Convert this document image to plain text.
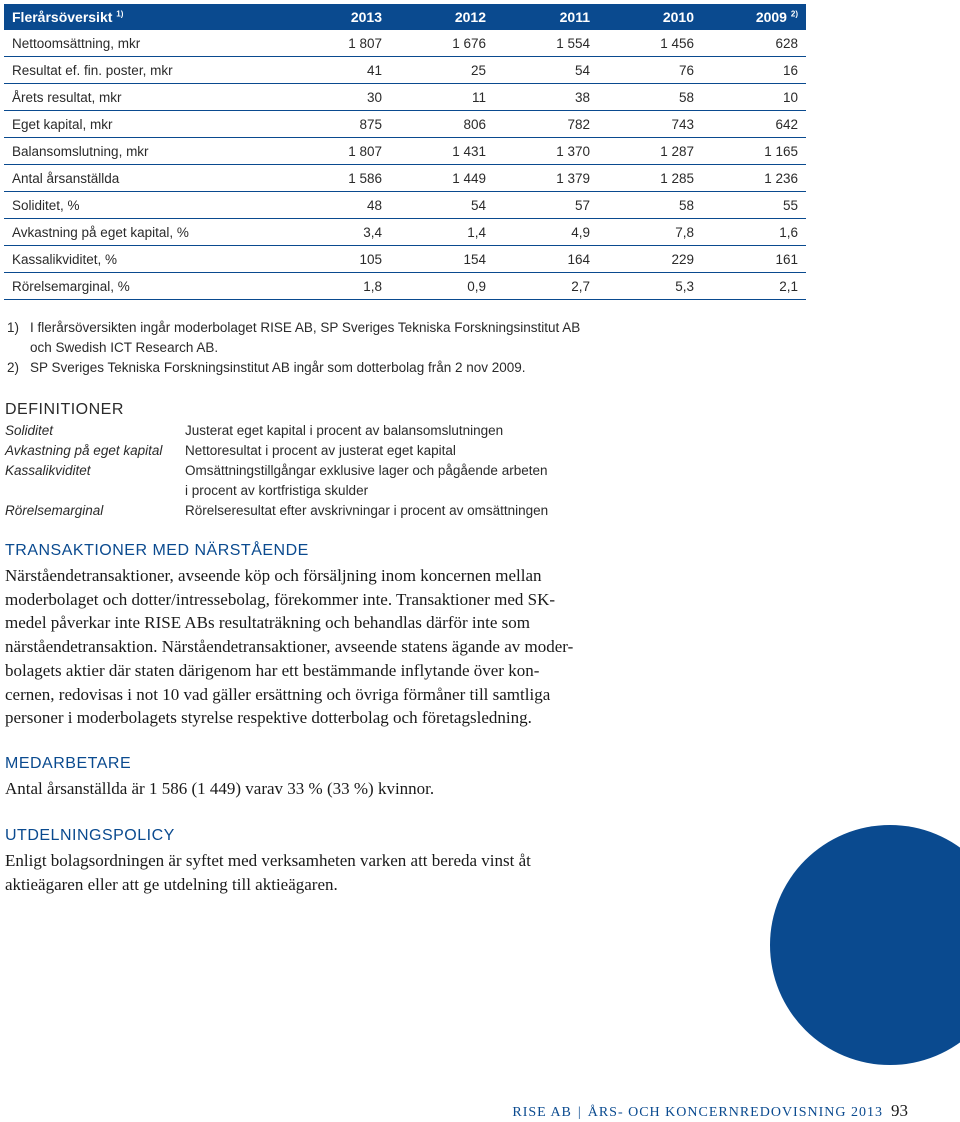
Flerårsöversikt $^{1)}$	2013	2012	2011	2010	2009 $^{2)}$
Nettoomsättning, mkr	1 807	1 676	1 554	1 456	628
Resultat ef. fin. poster, mkr	41	25	54	76	16
Årets resultat, mkr	30	11	38	58	10
Eget kapital, mkr	875	806	782	743	642
Balansomslutning, mkr	1 807	1 431	1 370	1 287	1 165
Antal årsanställda	1 586	1 449	1 379	1 285	1 236
Soliditet, %	48	54	57	58	55
Avkastning på eget kapital, %	3,4	1,4	4,9	7,8	1,6
Kassalikviditet, %	105	154	164	229	161
Rörelsemarginal, %	1,8	0,9	2,7	5,3	2,1
1) I flerårsöversikten ingår moderbolaget RISE AB, SP Sveriges Tekniska Forskningsinstitut AB
och Swedish ICT Research AB.
2) SP Sveriges Tekniska Forskningsinstitut AB ingår som dotterbolag från 2 nov 2009.
DEFINITIONER
Soliditet	Justerat eget kapital i procent av balansomslutningen
Avkastning på eget kapital	Nettoresultat i procent av justerat eget kapital
Kassalikviditet	Omsättningstillgångar exklusive lager och pågående arbeten
i procent av kortfristiga skulder
Rörelsemarginal	Rörelseresultat efter avskrivningar i procent av omsättningen
TRANSAKTIONER MED NÄRSTÅENDE
Närståendetransaktioner, avseende köp och försäljning inom koncernen mellan
moderbolaget och dotter/intressebolag, förekommer inte. Transaktioner med SK-
medel påverkar inte RISE ABs resultaträkning och behandlas därför inte som
närståendetransaktion. Närståendetransaktioner, avseende statens ägande av moder-
bolagets aktier där staten därigenom har ett bestämmande inflytande över kon-
cernen, redovisas i not 10 vad gäller ersättning och övriga förmåner till samtliga
personer i moderbolagets styrelse respektive dotterbolag och företagsledning.
MEDARBETARE
Antal årsanställda är 1 586 (1 449) varav 33 % (33 %) kvinnor.
UTDELNINGSPOLICY
Enligt bolagsordningen är syftet med verksamheten varken att bereda vinst åt
aktieägaren eller att ge utdelning till aktieägaren.
RISE AB | ÅRS- OCH KONCERNREDOVISNING 2013 93
